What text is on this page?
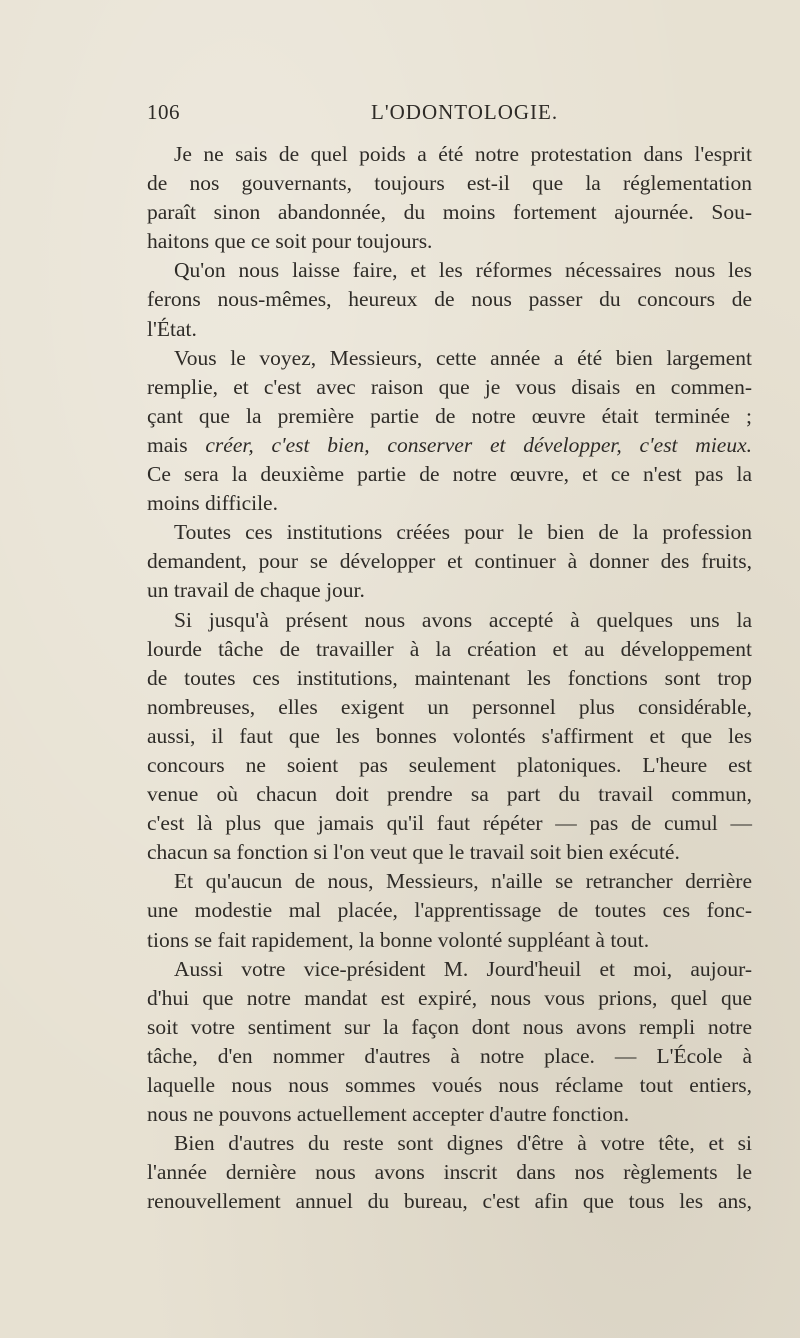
106	L'ODONTOLOGIE.
Je ne sais de quel poids a été notre protestation dans l'esprit
de nos gouvernants, toujours est-il que la réglementation
paraît sinon abandonnée, du moins fortement ajournée. Sou-
haitons que ce soit pour toujours.
Qu'on nous laisse faire, et les réformes nécessaires nous les
ferons nous-mêmes, heureux de nous passer du concours de
l'État.
Vous le voyez, Messieurs, cette année a été bien largement
remplie, et c'est avec raison que je vous disais en commen-
çant que la première partie de notre œuvre était terminée ;
mais créer, c'est bien, conserver et développer, c'est mieux.
Ce sera la deuxième partie de notre œuvre, et ce n'est pas la
moins difficile.
Toutes ces institutions créées pour le bien de la profession
demandent, pour se développer et continuer à donner des fruits,
un travail de chaque jour.
Si jusqu'à présent nous avons accepté à quelques uns la
lourde tâche de travailler à la création et au développement
de toutes ces institutions, maintenant les fonctions sont trop
nombreuses, elles exigent un personnel plus considérable,
aussi, il faut que les bonnes volontés s'affirment et que les
concours ne soient pas seulement platoniques. L'heure est
venue où chacun doit prendre sa part du travail commun,
c'est là plus que jamais qu'il faut répéter — pas de cumul —
chacun sa fonction si l'on veut que le travail soit bien exécuté.
Et qu'aucun de nous, Messieurs, n'aille se retrancher derrière
une modestie mal placée, l'apprentissage de toutes ces fonc-
tions se fait rapidement, la bonne volonté suppléant à tout.
Aussi votre vice-président M. Jourd'heuil et moi, aujour-
d'hui que notre mandat est expiré, nous vous prions, quel que
soit votre sentiment sur la façon dont nous avons rempli notre
tâche, d'en nommer d'autres à notre place. — L'École à
laquelle nous nous sommes voués nous réclame tout entiers,
nous ne pouvons actuellement accepter d'autre fonction.
Bien d'autres du reste sont dignes d'être à votre tête, et si
l'année dernière nous avons inscrit dans nos règlements le
renouvellement annuel du bureau, c'est afin que tous les ans,
